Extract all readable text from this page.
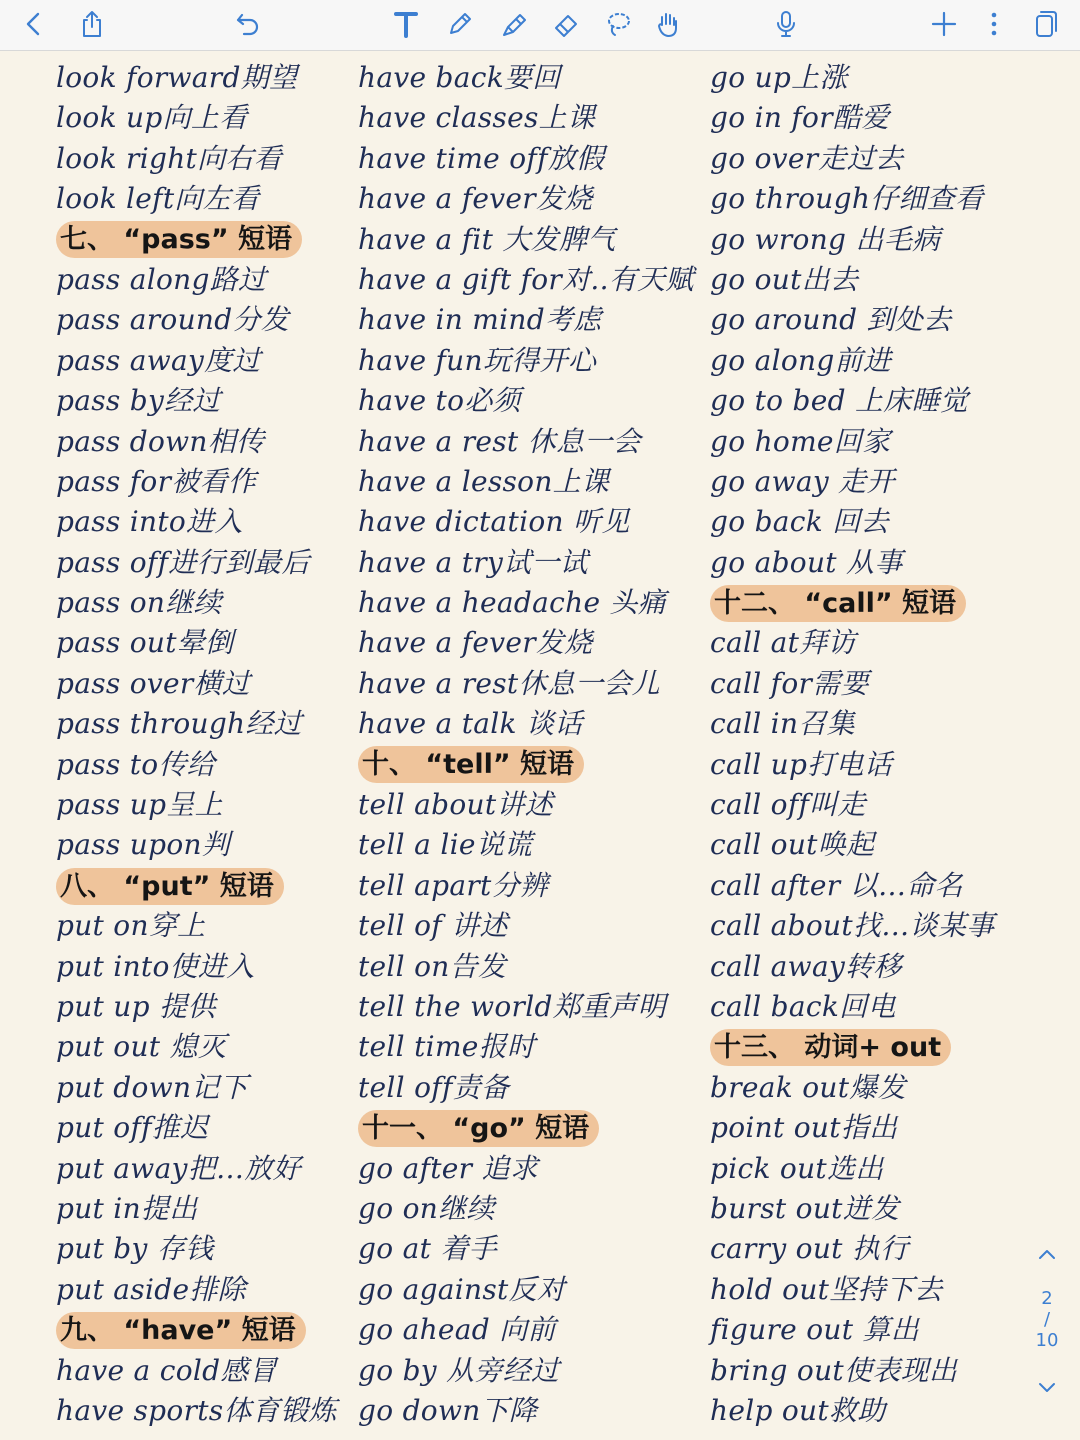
look forward期望
look up向上看
look right向右看
look left向左看
七、 “pass” 短语
pass along路过
pass around分发
pass away度过
pass by经过
pass down相传
pass for被看作
pass into进入
pass off进行到最后
pass on继续
pass out晕倒
pass over横过
pass through经过
pass to传给
pass up呈上
pass upon判
八、 “put” 短语
put on穿上
put into使进入
put up 提供
put out 熄灭
put down记下
put off推迟
put away把…放好
put in提出
put by 存钱
put aside排除
九、 “have” 短语
have a cold感冒
have sports体育锻炼
have back要回
have classes上课
have time off放假
have a fever发烧
have a fit 大发脾气
have a gift for对..有天赋
have in mind考虑
have fun玩得开心
have to必须
have a rest 休息一会
have a lesson上课
have dictation 听见
have a try试一试
have a headache 头痛
have a fever发烧
have a rest休息一会儿
have a talk 谈话
十、 “tell” 短语
tell about讲述
tell a lie说谎
tell apart分辨
tell of 讲述
tell on告发
tell the world郑重声明
tell time报时
tell off责备
十一、 “go” 短语
go after 追求
go on继续
go at 着手
go against反对
go ahead 向前
go by 从旁经过
go down下降
go up上涨
go in for酷爱
go over走过去
go through仔细查看
go wrong 出毛病
go out出去
go around 到处去
go along前进
go to bed 上床睡觉
go home回家
go away 走开
go back 回去
go about 从事
十二、 “call” 短语
call at拜访
call for需要
call in召集
call up打电话
call off叫走
call out唤起
call after 以…命名
call about找…谈某事
call away转移
call back回电
十三、 动词+ out
break out爆发
point out指出
pick out选出
burst out迸发
carry out 执行
hold out坚持下去
figure out 算出
bring out使表现出
help out救助
2
/
10
